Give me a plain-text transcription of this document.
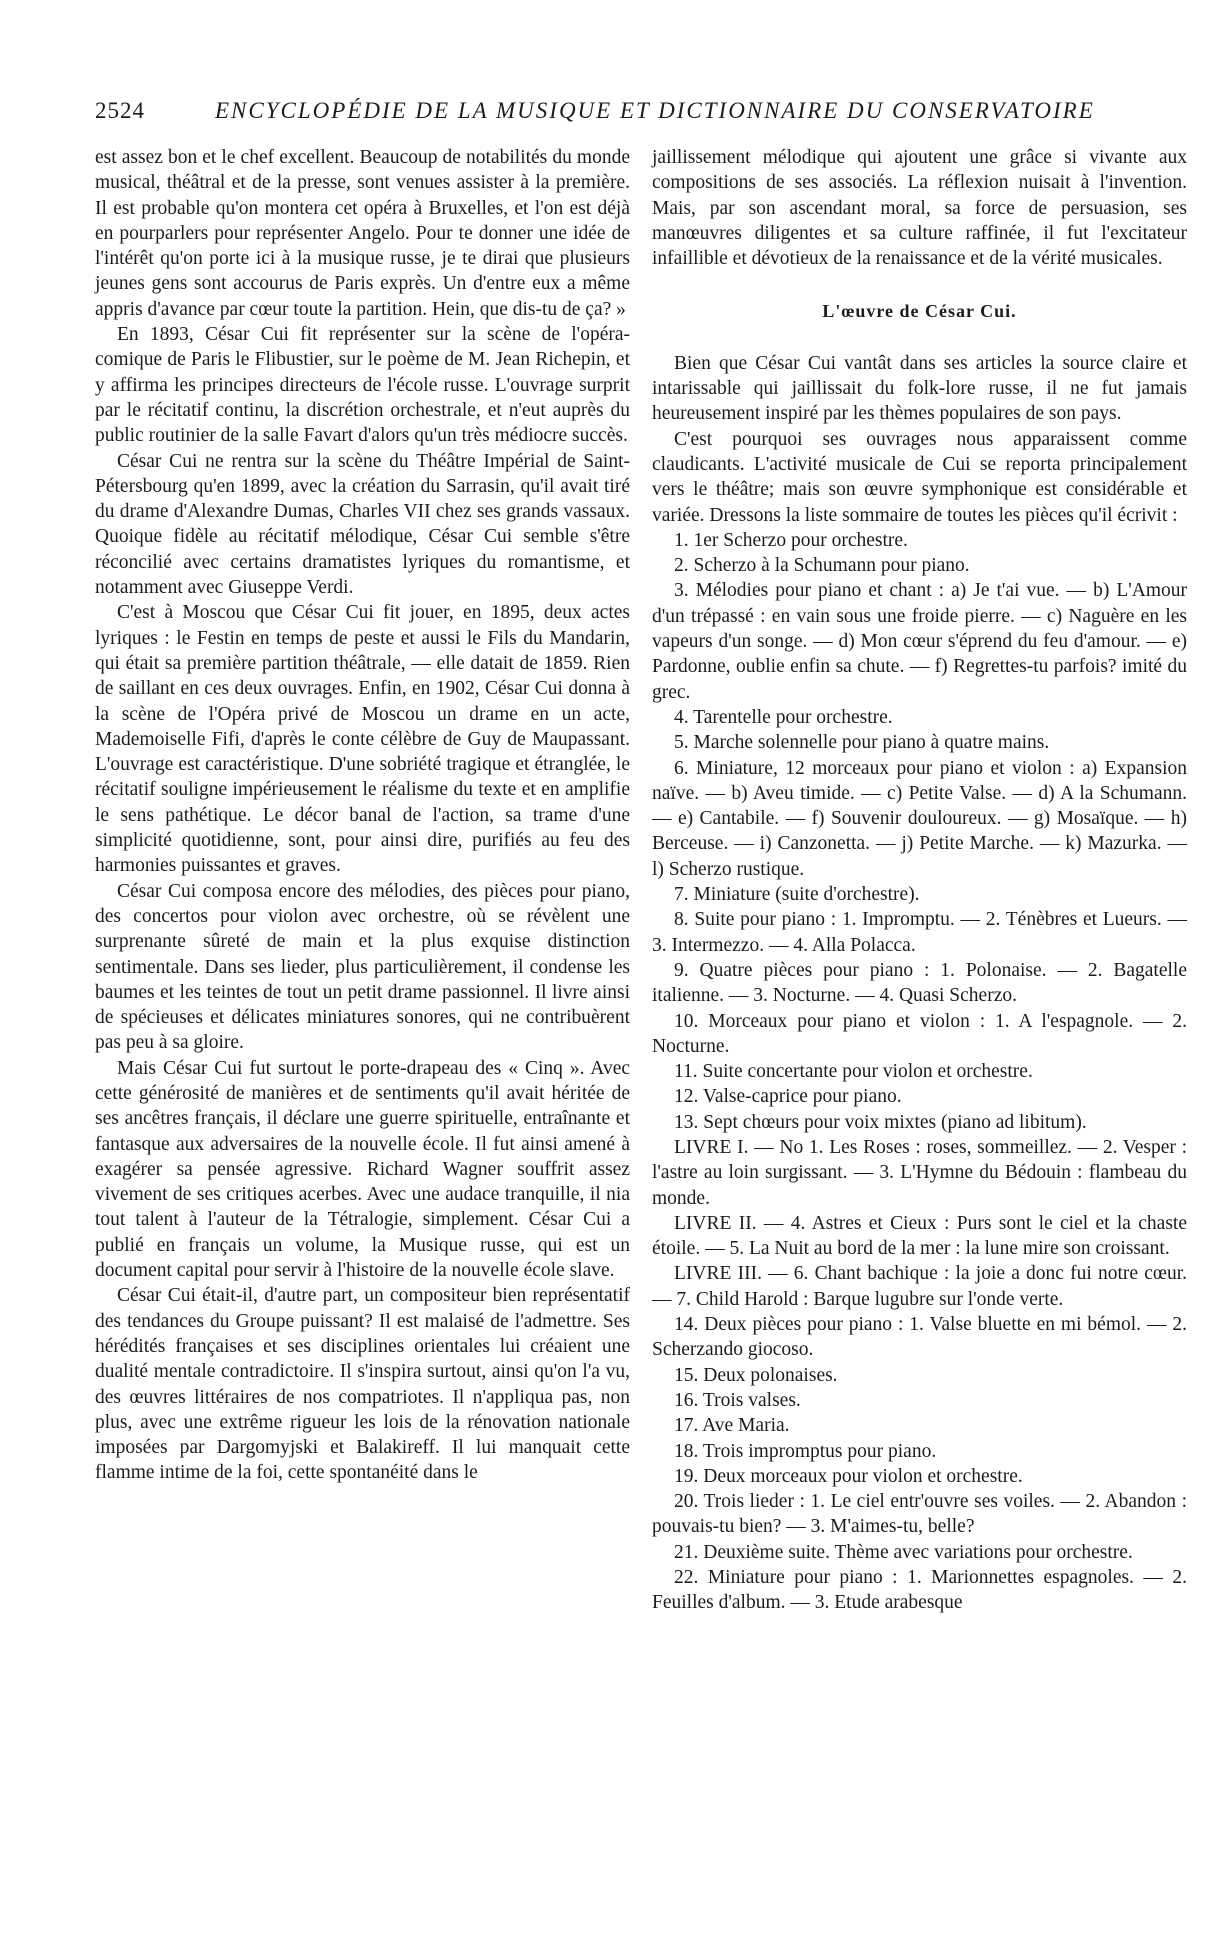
2524	ENCYCLOPÉDIE DE LA MUSIQUE ET DICTIONNAIRE DU CONSERVATOIRE

est assez bon et le chef excellent. Beaucoup de notabilités du monde musical, théâtral et de la presse, sont venues assister à la première. Il est probable qu'on montera cet opéra à Bruxelles, et l'on est déjà en pourparlers pour représenter Angelo. Pour te donner une idée de l'intérêt qu'on porte ici à la musique russe, je te dirai que plusieurs jeunes gens sont accourus de Paris exprès. Un d'entre eux a même appris d'avance par cœur toute la partition. Hein, que dis-tu de ça? »

En 1893, César Cui fit représenter sur la scène de l'opéra-comique de Paris le Flibustier, sur le poème de M. Jean Richepin, et y affirma les principes directeurs de l'école russe. L'ouvrage surprit par le récitatif continu, la discrétion orchestrale, et n'eut auprès du public routinier de la salle Favart d'alors qu'un très médiocre succès.

César Cui ne rentra sur la scène du Théâtre Impérial de Saint-Pétersbourg qu'en 1899, avec la création du Sarrasin, qu'il avait tiré du drame d'Alexandre Dumas, Charles VII chez ses grands vassaux. Quoique fidèle au récitatif mélodique, César Cui semble s'être réconcilié avec certains dramatistes lyriques du romantisme, et notamment avec Giuseppe Verdi.

C'est à Moscou que César Cui fit jouer, en 1895, deux actes lyriques : le Festin en temps de peste et aussi le Fils du Mandarin, qui était sa première partition théâtrale, — elle datait de 1859. Rien de saillant en ces deux ouvrages. Enfin, en 1902, César Cui donna à la scène de l'Opéra privé de Moscou un drame en un acte, Mademoiselle Fifi, d'après le conte célèbre de Guy de Maupassant. L'ouvrage est caractéristique. D'une sobriété tragique et étranglée, le récitatif souligne impérieusement le réalisme du texte et en amplifie le sens pathétique. Le décor banal de l'action, sa trame d'une simplicité quotidienne, sont, pour ainsi dire, purifiés au feu des harmonies puissantes et graves.

César Cui composa encore des mélodies, des pièces pour piano, des concertos pour violon avec orchestre, où se révèlent une surprenante sûreté de main et la plus exquise distinction sentimentale. Dans ses lieder, plus particulièrement, il condense les baumes et les teintes de tout un petit drame passionnel. Il livre ainsi de spécieuses et délicates miniatures sonores, qui ne contribuèrent pas peu à sa gloire.

Mais César Cui fut surtout le porte-drapeau des « Cinq ». Avec cette générosité de manières et de sentiments qu'il avait héritée de ses ancêtres français, il déclare une guerre spirituelle, entraînante et fantasque aux adversaires de la nouvelle école. Il fut ainsi amené à exagérer sa pensée agressive. Richard Wagner souffrit assez vivement de ses critiques acerbes. Avec une audace tranquille, il nia tout talent à l'auteur de la Tétralogie, simplement. César Cui a publié en français un volume, la Musique russe, qui est un document capital pour servir à l'histoire de la nouvelle école slave.

César Cui était-il, d'autre part, un compositeur bien représentatif des tendances du Groupe puissant? Il est malaisé de l'admettre. Ses hérédités françaises et ses disciplines orientales lui créaient une dualité mentale contradictoire. Il s'inspira surtout, ainsi qu'on l'a vu, des œuvres littéraires de nos compatriotes. Il n'appliqua pas, non plus, avec une extrême rigueur les lois de la rénovation nationale imposées par Dargomyjski et Balakireff. Il lui manquait cette flamme intime de la foi, cette spontanéité dans le

jaillissement mélodique qui ajoutent une grâce si vivante aux compositions de ses associés. La réflexion nuisait à l'invention. Mais, par son ascendant moral, sa force de persuasion, ses manœuvres diligentes et sa culture raffinée, il fut l'excitateur infaillible et dévotieux de la renaissance et de la vérité musicales.

L'œuvre de César Cui.

Bien que César Cui vantât dans ses articles la source claire et intarissable qui jaillissait du folk-lore russe, il ne fut jamais heureusement inspiré par les thèmes populaires de son pays.

C'est pourquoi ses ouvrages nous apparaissent comme claudicants. L'activité musicale de Cui se reporta principalement vers le théâtre; mais son œuvre symphonique est considérable et variée. Dressons la liste sommaire de toutes les pièces qu'il écrivit :

1. 1er Scherzo pour orchestre.

2. Scherzo à la Schumann pour piano.

3. Mélodies pour piano et chant : a) Je t'ai vue. — b) L'Amour d'un trépassé : en vain sous une froide pierre. — c) Naguère en les vapeurs d'un songe. — d) Mon cœur s'éprend du feu d'amour. — e) Pardonne, oublie enfin sa chute. — f) Regrettes-tu parfois? imité du grec.

4. Tarentelle pour orchestre.

5. Marche solennelle pour piano à quatre mains.

6. Miniature, 12 morceaux pour piano et violon : a) Expansion naïve. — b) Aveu timide. — c) Petite Valse. — d) A la Schumann. — e) Cantabile. — f) Souvenir douloureux. — g) Mosaïque. — h) Berceuse. — i) Canzonetta. — j) Petite Marche. — k) Mazurka. — l) Scherzo rustique.

7. Miniature (suite d'orchestre).

8. Suite pour piano : 1. Impromptu. — 2. Ténèbres et Lueurs. — 3. Intermezzo. — 4. Alla Polacca.

9. Quatre pièces pour piano : 1. Polonaise. — 2. Bagatelle italienne. — 3. Nocturne. — 4. Quasi Scherzo.

10. Morceaux pour piano et violon : 1. A l'espagnole. — 2. Nocturne.

11. Suite concertante pour violon et orchestre.

12. Valse-caprice pour piano.

13. Sept chœurs pour voix mixtes (piano ad libitum).

LIVRE I. — No 1. Les Roses : roses, sommeillez. — 2. Vesper : l'astre au loin surgissant. — 3. L'Hymne du Bédouin : flambeau du monde.

LIVRE II. — 4. Astres et Cieux : Purs sont le ciel et la chaste étoile. — 5. La Nuit au bord de la mer : la lune mire son croissant.

LIVRE III. — 6. Chant bachique : la joie a donc fui notre cœur. — 7. Child Harold : Barque lugubre sur l'onde verte.

14. Deux pièces pour piano : 1. Valse bluette en mi bémol. — 2. Scherzando giocoso.

15. Deux polonaises.

16. Trois valses.

17. Ave Maria.

18. Trois impromptus pour piano.

19. Deux morceaux pour violon et orchestre.

20. Trois lieder : 1. Le ciel entr'ouvre ses voiles. — 2. Abandon : pouvais-tu bien? — 3. M'aimes-tu, belle?

21. Deuxième suite. Thème avec variations pour orchestre.

22. Miniature pour piano : 1. Marionnettes espagnoles. — 2. Feuilles d'album. — 3. Etude arabesque
